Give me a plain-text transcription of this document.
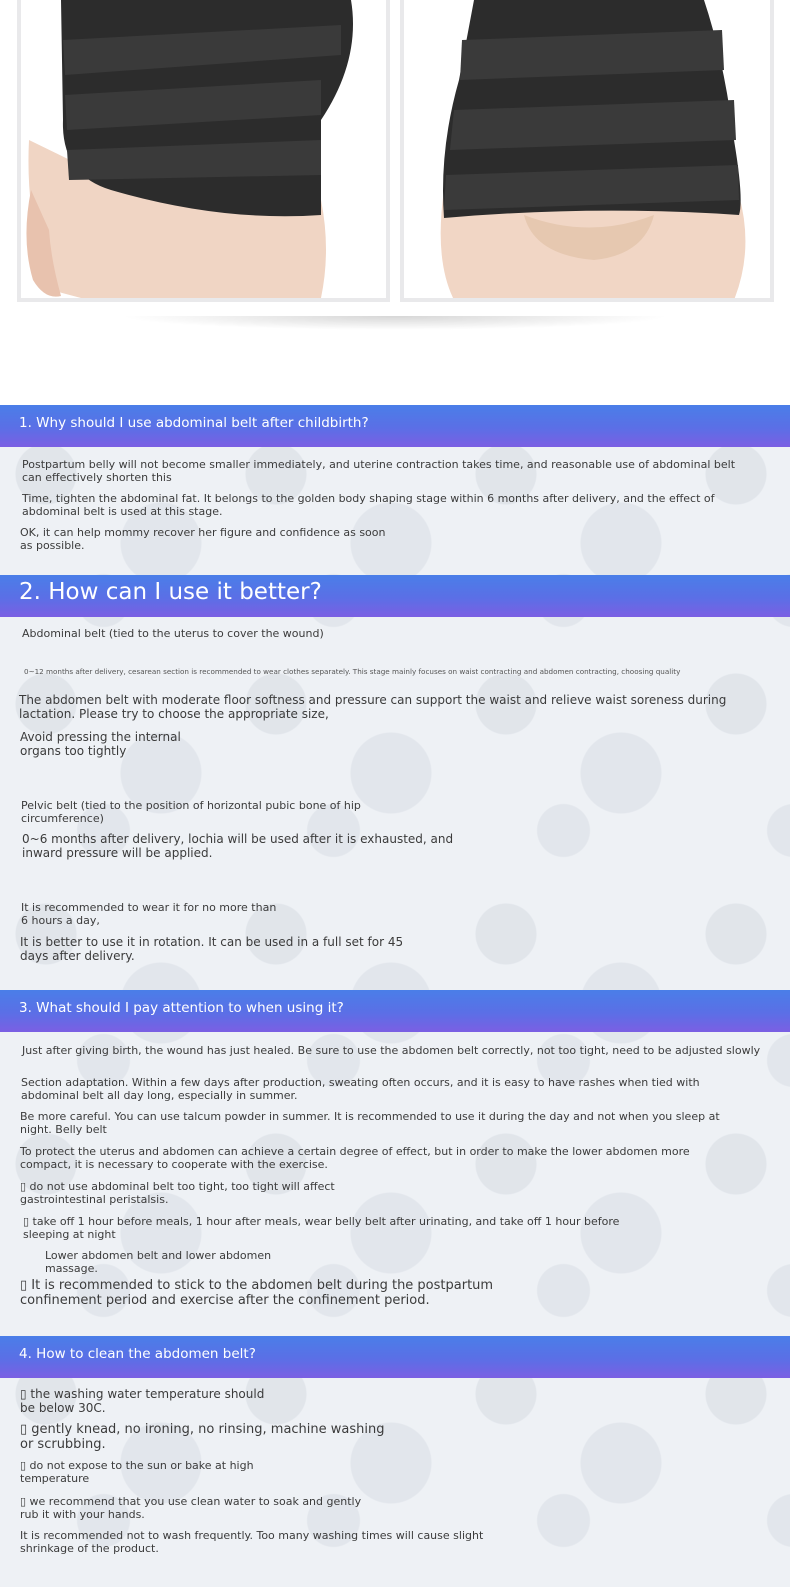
1. Why should I use abdominal belt after childbirth?

Postpartum belly will not become smaller immediately, and uterine contraction takes time, and reasonable use of abdominal belt can effectively shorten this

Time, tighten the abdominal fat. It belongs to the golden body shaping stage within 6 months after delivery, and the effect of abdominal belt is used at this stage.

OK, it can help mommy recover her figure and confidence as soon as possible.

2. How can I use it better?

Abdominal belt (tied to the uterus to cover the wound)

0~12 months after delivery, cesarean section is recommended to wear clothes separately. This stage mainly focuses on waist contracting and abdomen contracting, choosing quality

The abdomen belt with moderate floor softness and pressure can support the waist and relieve waist soreness during lactation. Please try to choose the appropriate size,

Avoid pressing the internal organs too tightly

Pelvic belt (tied to the position of horizontal pubic bone of hip circumference)

0~6 months after delivery, lochia will be used after it is exhausted, and inward pressure will be applied.

It is recommended to wear it for no more than 6 hours a day,

It is better to use it in rotation. It can be used in a full set for 45 days after delivery.

3. What should I pay attention to when using it?

Just after giving birth, the wound has just healed. Be sure to use the abdomen belt correctly, not too tight, need to be adjusted slowly

Section adaptation. Within a few days after production, sweating often occurs, and it is easy to have rashes when tied with abdominal belt all day long, especially in summer.

Be more careful. You can use talcum powder in summer. It is recommended to use it during the day and not when you sleep at night. Belly belt

To protect the uterus and abdomen can achieve a certain degree of effect, but in order to make the lower abdomen more compact, it is necessary to cooperate with the exercise.

▯ do not use abdominal belt too tight, too tight will affect gastrointestinal peristalsis.

▯ take off 1 hour before meals, 1 hour after meals, wear belly belt after urinating, and take off 1 hour before sleeping at night

Lower abdomen belt and lower abdomen massage.

▯ It is recommended to stick to the abdomen belt during the postpartum confinement period and exercise after the confinement period.

4. How to clean the abdomen belt?

▯ the washing water temperature should be below 30C.

▯ gently knead, no ironing, no rinsing, machine washing or scrubbing.

▯ do not expose to the sun or bake at high temperature

▯ we recommend that you use clean water to soak and gently rub it with your hands.

It is recommended not to wash frequently. Too many washing times will cause slight shrinkage of the product.
